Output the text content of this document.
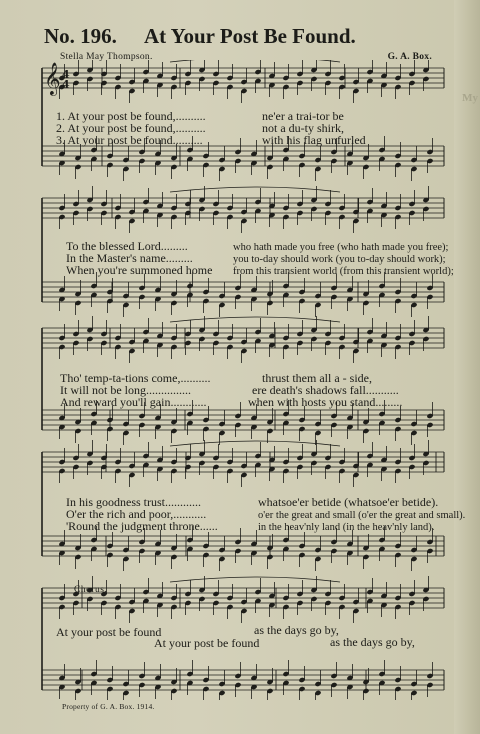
My
No. 196. At Your Post Be Found.
Stella May Thompson.	G. A. Box.
𝄞 4
4
1. At your post be found,..........	ne'er a trai-tor be
2. At your post be found,..........	not a du-ty shirk,
3. At your post be found..........	with his flag unfurled
To the blessed Lord.........	who hath made you free (who hath made you free);
In the Master's name.........	you to-day should work (you to-day should work);
When you're summoned home from this transient world (from this transient world);
Tho' temp-ta-tions come,..........	thrust them all a - side,
It will not be long...............	ere death's shadows fall...........
And reward you'll gain............	when with hosts you stand.........
In his goodness trust............	whatsoe'er betide (whatsoe'er betide).
O'er the rich and poor,...........	o'er the great and small (o'er the great and small).
'Round the judgment throne......	in the heav'nly land (in the heav'nly land).
Chorus.
At your post be found	as the days go by,
At your post be found	as the days go by,
Property of G. A. Box. 1914.
